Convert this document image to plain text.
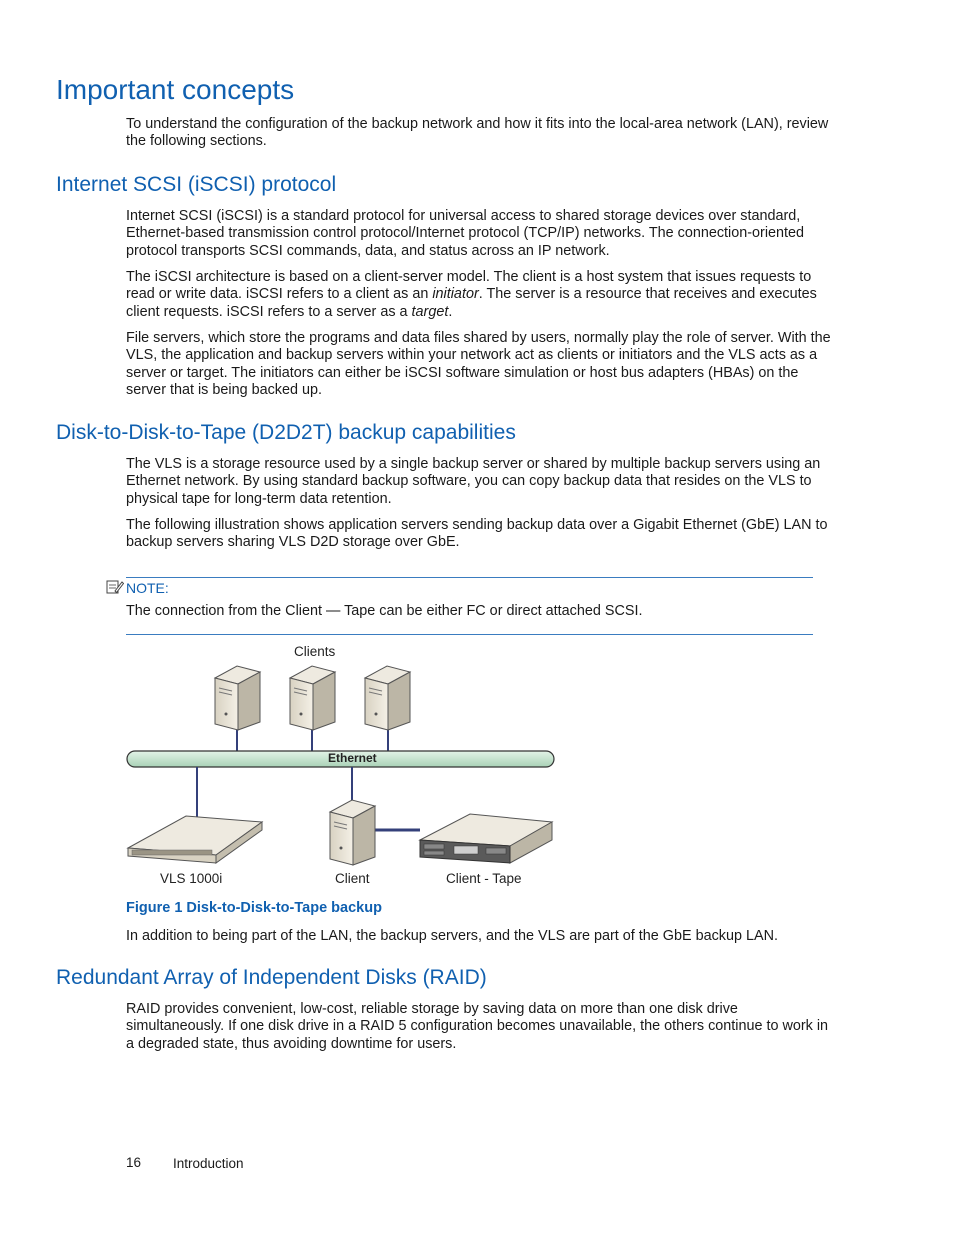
Important concepts

To understand the configuration of the backup network and how it fits into the local-area network (LAN), review the following sections.

Internet SCSI (iSCSI) protocol

Internet SCSI (iSCSI) is a standard protocol for universal access to shared storage devices over standard, Ethernet-based transmission control protocol/Internet protocol (TCP/IP) networks. The connection-oriented protocol transports SCSI commands, data, and status across an IP network.

The iSCSI architecture is based on a client-server model. The client is a host system that issues requests to read or write data. iSCSI refers to a client as an initiator. The server is a resource that receives and executes client requests. iSCSI refers to a server as a target.

File servers, which store the programs and data files shared by users, normally play the role of server. With the VLS, the application and backup servers within your network act as clients or initiators and the VLS acts as a server or target. The initiators can either be iSCSI software simulation or host bus adapters (HBAs) on the server that is being backed up.

Disk-to-Disk-to-Tape (D2D2T) backup capabilities

The VLS is a storage resource used by a single backup server or shared by multiple backup servers using an Ethernet network. By using standard backup software, you can copy backup data that resides on the VLS to physical tape for long-term data retention.

The following illustration shows application servers sending backup data over a Gigabit Ethernet (GbE) LAN to backup servers sharing VLS D2D storage over GbE.

NOTE:

The connection from the Client — Tape can be either FC or direct attached SCSI.

Clients
Ethernet
VLS 1000i	Client	Client - Tape
Figure 1 Disk-to-Disk-to-Tape backup

In addition to being part of the LAN, the backup servers, and the VLS are part of the GbE backup LAN.

Redundant Array of Independent Disks (RAID)

RAID provides convenient, low-cost, reliable storage by saving data on more than one disk drive simultaneously. If one disk drive in a RAID 5 configuration becomes unavailable, the others continue to work in a degraded state, thus avoiding downtime for users.

16 Introduction
